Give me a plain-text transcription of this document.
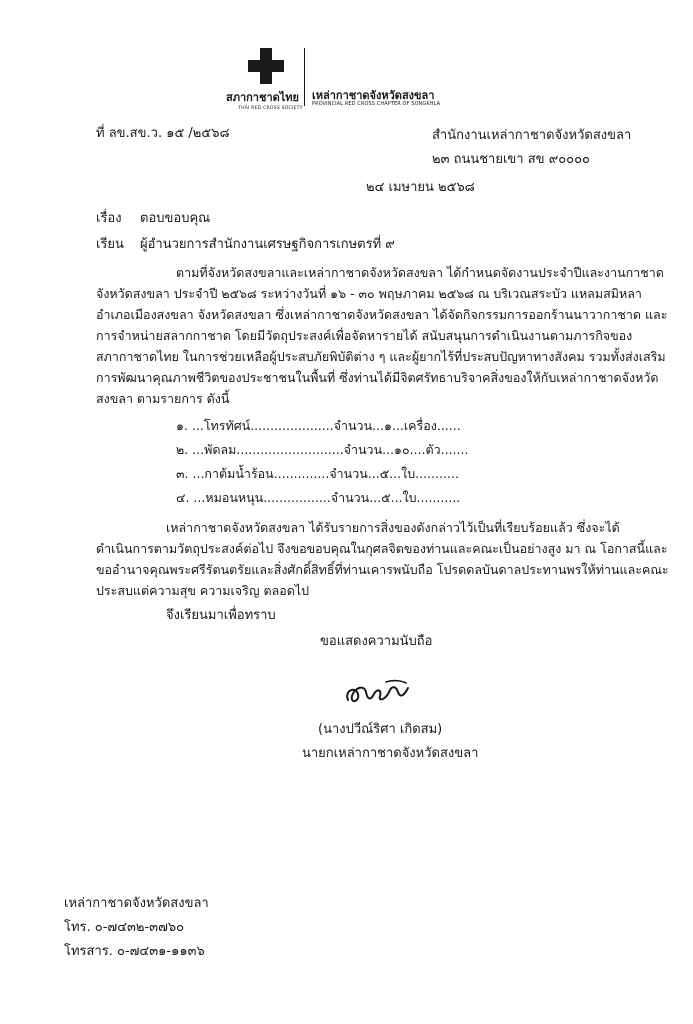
สภากาชาดไทย
THAI RED CROSS SOCIETY
เหล่ากาชาดจังหวัดสงขลา
PROVINCIAL RED CROSS CHAPTER OF SONGKHLA
ที่ ลข.สข.ว. ๑๕ /๒๕๖๘	สำนักงานเหล่ากาชาดจังหวัดสงขลา
๒๓ ถนนชายเขา สข ๙๐๐๐๐
๒๔ เมษายน ๒๕๖๘
เรื่อง ตอบขอบคุณ
เรียน ผู้อำนวยการสำนักงานเศรษฐกิจการเกษตรที่ ๙
ตามที่จังหวัดสงขลาและเหล่ากาชาดจังหวัดสงขลา ได้กำหนดจัดงานประจำปีและงานกาชาด
จังหวัดสงขลา ประจำปี ๒๕๖๘ ระหว่างวันที่ ๑๖ - ๓๐ พฤษภาคม ๒๕๖๘ ณ บริเวณสระบัว แหลมสมิหลา
อำเภอเมืองสงขลา จังหวัดสงขลา ซึ่งเหล่ากาชาดจังหวัดสงขลา ได้จัดกิจกรรมการออกร้านนาวากาชาด และ
การจำหน่ายสลากกาชาด โดยมีวัตถุประสงค์เพื่อจัดหารายได้ สนับสนุนการดำเนินงานตามภารกิจของ
สภากาชาดไทย ในการช่วยเหลือผู้ประสบภัยพิบัติต่าง ๆ และผู้ยากไร้ที่ประสบปัญหาทางสังคม รวมทั้งส่งเสริม
การพัฒนาคุณภาพชีวิตของประชาชนในพื้นที่ ซึ่งท่านได้มีจิตศรัทธาบริจาคสิ่งของให้กับเหล่ากาชาดจังหวัด
สงขลา ตามรายการ ดังนี้
๑. ...โทรทัศน์.....................จำนวน...๑...เครื่อง......
๒. ...พัดลม...........................จำนวน...๑๐....ตัว.......
๓. ...กาต้มน้ำร้อน..............จำนวน...๕...ใบ...........
๔. ...หมอนหนุน.................จำนวน...๕...ใบ...........
เหล่ากาชาดจังหวัดสงขลา ได้รับรายการสิ่งของดังกล่าวไว้เป็นที่เรียบร้อยแล้ว ซึ่งจะได้
ดำเนินการตามวัตถุประสงค์ต่อไป จึงขอขอบคุณในกุศลจิตของท่านและคณะเป็นอย่างสูง มา ณ โอกาสนี้และ
ขออำนาจคุณพระศรีรัตนตรัยและสิ่งศักดิ์สิทธิ์ที่ท่านเคารพนับถือ โปรดดลบันดาลประทานพรให้ท่านและคณะ
ประสบแต่ความสุข ความเจริญ ตลอดไป
จึงเรียนมาเพื่อทราบ
ขอแสดงความนับถือ
(นางปวีณ์ริศา เกิดสม)
นายกเหล่ากาชาดจังหวัดสงขลา
เหล่ากาชาดจังหวัดสงขลา
โทร. ๐-๗๔๓๒-๓๗๖๐
โทรสาร. ๐-๗๔๓๑-๑๑๓๖
